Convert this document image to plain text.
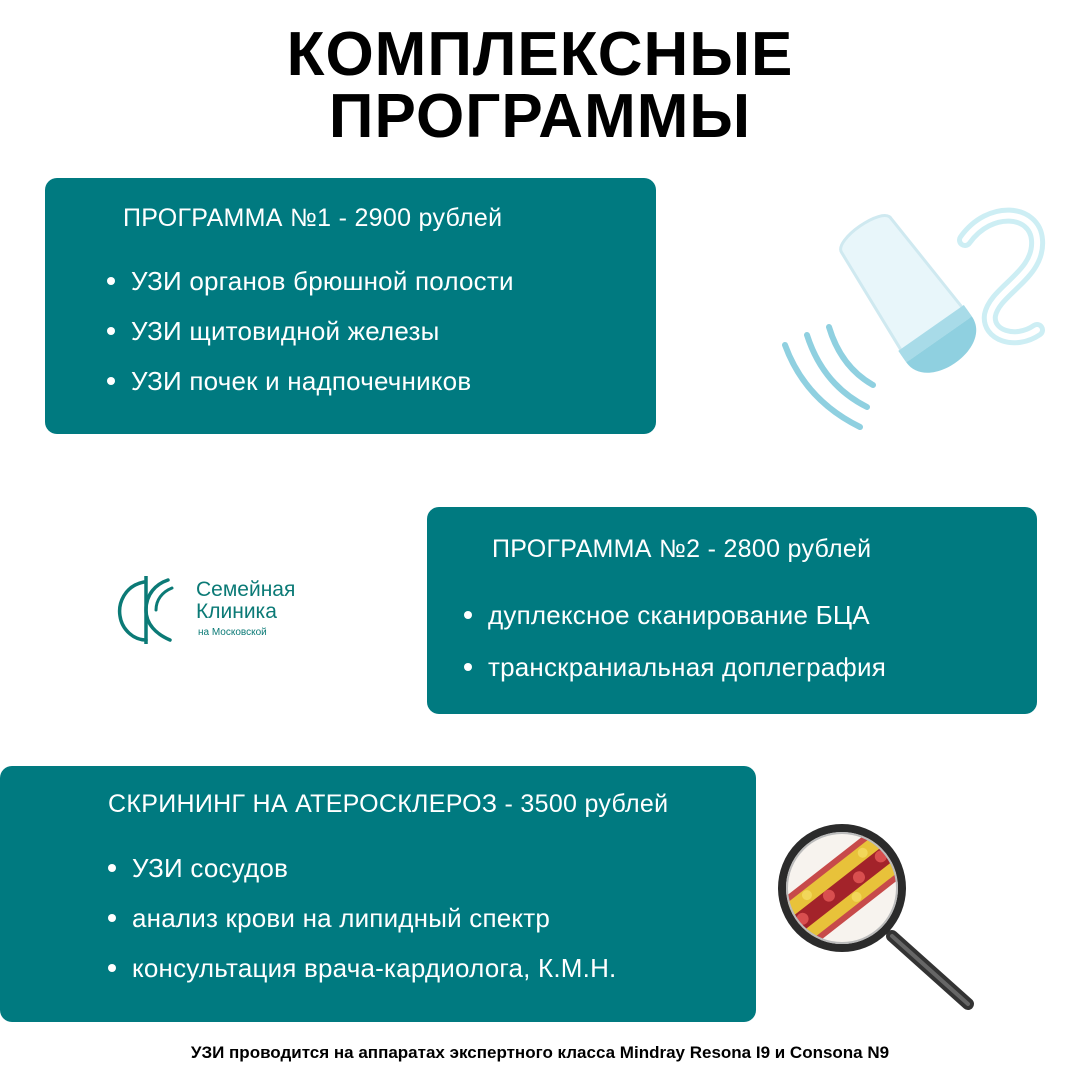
КОМПЛЕКСНЫЕ
ПРОГРАММЫ
ПРОГРАММА №1 - 2900 рублей
УЗИ органов брюшной полости
УЗИ щитовидной железы
УЗИ почек и надпочечников
Семейная
Клиника
на Московской
ПРОГРАММА №2 - 2800 рублей
дуплексное сканирование БЦА
транскраниальная доплеграфия
СКРИНИНГ НА АТЕРОСКЛЕРОЗ - 3500 рублей
УЗИ сосудов
анализ крови на липидный спектр
консультация врача-кардиолога, К.М.Н.
УЗИ проводится на аппаратах экспертного класса Mindray Resona I9 и Consona N9
